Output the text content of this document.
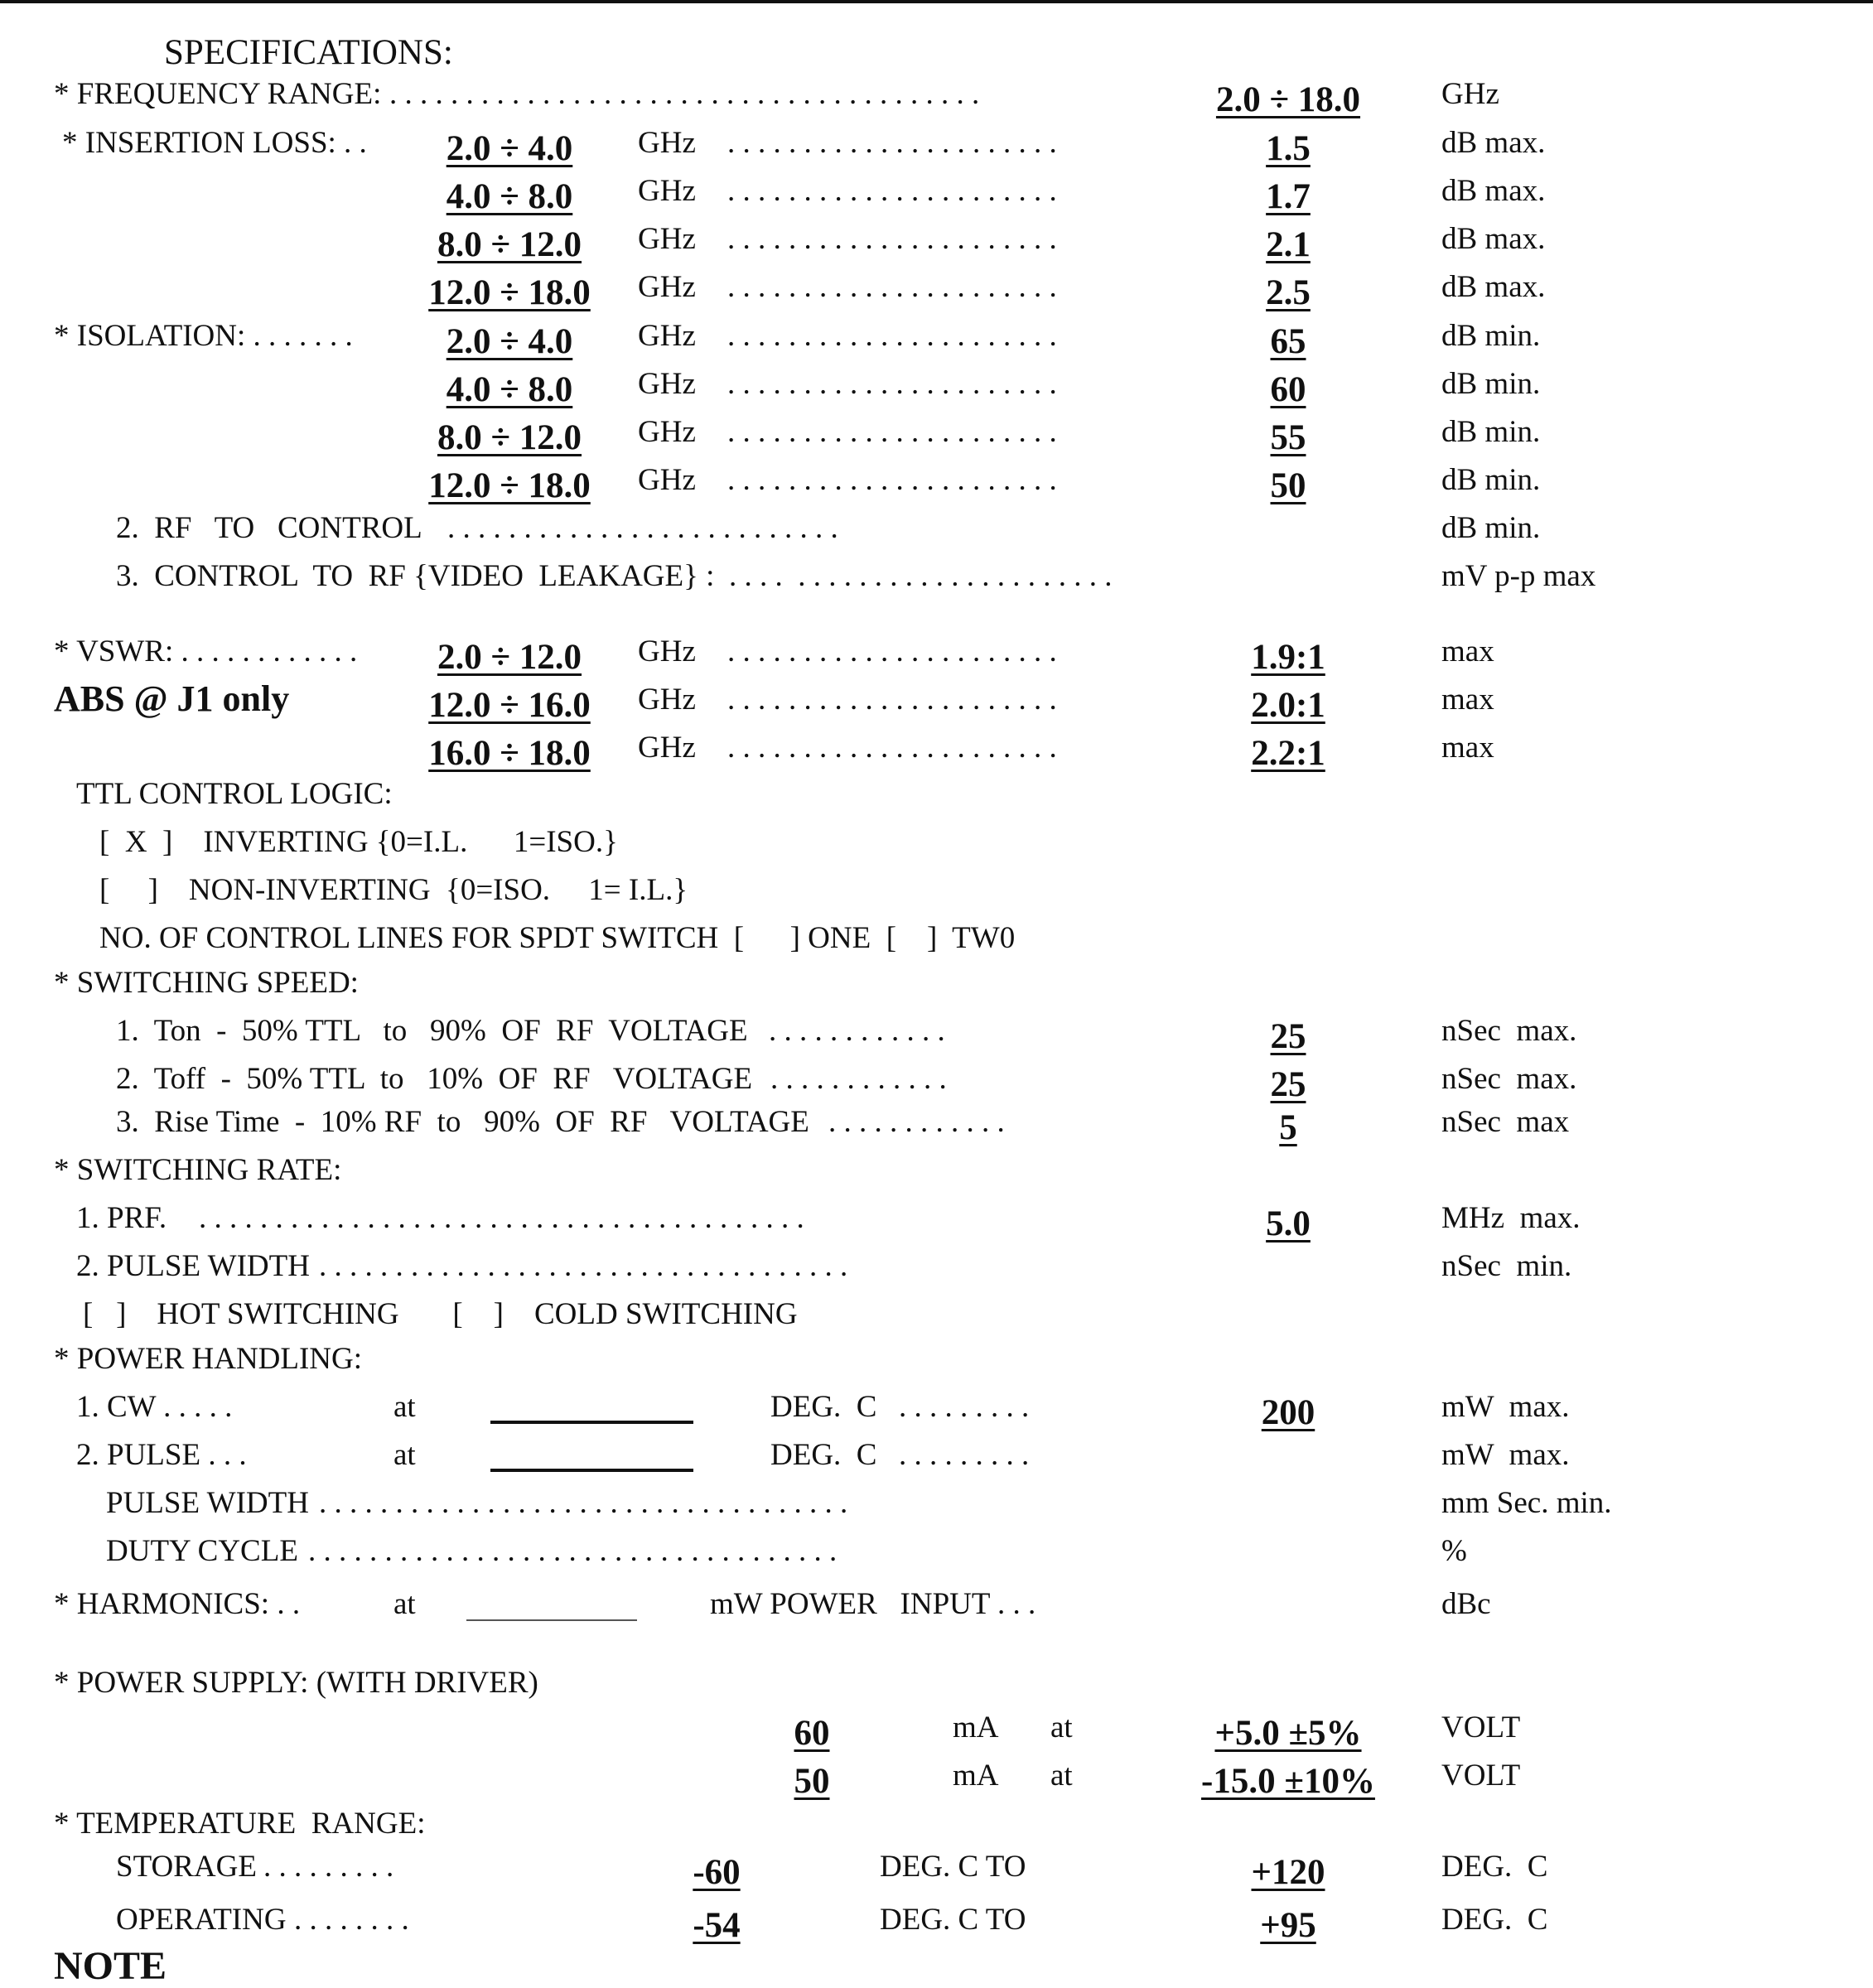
SPECIFICATIONS:
* FREQUENCY RANGE: . . . . . . . . . . . . . . . . . . . . . . . . . . . . . . . . . . . . . . .	2.0 ÷ 18.0	GHz
* INSERTION LOSS: . .	2.0 ÷ 4.0	GHz . . . . . . . . . . . . . . . . . . . . . .	1.5	dB max.
4.0 ÷ 8.0	GHz . . . . . . . . . . . . . . . . . . . . . .	1.7	dB max.
8.0 ÷ 12.0	GHz . . . . . . . . . . . . . . . . . . . . . .	2.1	dB max.
12.0 ÷ 18.0	GHz . . . . . . . . . . . . . . . . . . . . . .	2.5	dB max.
* ISOLATION: . . . . . . .	2.0 ÷ 4.0	GHz . . . . . . . . . . . . . . . . . . . . . .	65	dB min.
4.0 ÷ 8.0	GHz . . . . . . . . . . . . . . . . . . . . . .	60	dB min.
8.0 ÷ 12.0	GHz . . . . . . . . . . . . . . . . . . . . . .	55	dB min.
12.0 ÷ 18.0	GHz . . . . . . . . . . . . . . . . . . . . . .	50	dB min.
2.  RF   TO   CONTROL . . . . . . . . . . . . . . . . . . . . . . . . . .	dB min.
3.  CONTROL  TO  RF {VIDEO  LEAKAGE} : . . . .  . . . . . . . . . . . . . . . . . . . . .	mV p-p max
* VSWR: . . . . . . . . . . . .
ABS @ J1 only
2.0 ÷ 12.0	GHz . . . . . . . . . . . . . . . . . . . . . .	1.9:1	max
12.0 ÷ 16.0	GHz . . . . . . . . . . . . . . . . . . . . . .	2.0:1	max
16.0 ÷ 18.0	GHz . . . . . . . . . . . . . . . . . . . . . .	2.2:1	max
TTL CONTROL LOGIC:
[  X  ]    INVERTING {0=I.L.      1=ISO.}
[     ]    NON-INVERTING  {0=ISO.     1= I.L.}
NO. OF CONTROL LINES FOR SPDT SWITCH  [      ] ONE  [    ]  TW0
* SWITCHING SPEED:
1.  Ton  -  50% TTL   to   90%  OF  RF  VOLTAGE . . . . . . . . . . . .	25	nSec  max.
2.  Toff  -  50% TTL  to   10%  OF  RF   VOLTAGE . . . . . . . . . . . .	25	nSec  max.
3.  Rise Time  -  10% RF  to   90%  OF  RF   VOLTAGE . . . . . . . . . . . .	5	nSec  max
* SWITCHING RATE:
1. PRF. . . . . . . . . . . . . . . . . . . . . . . . . . . . . . . . . . . . . . . . .	5.0	MHz  max.
2. PULSE WIDTH . . . . . . . . . . . . . . . . . . . . . . . . . . . . . . . . . . .	nSec  min.
[   ]    HOT SWITCHING       [    ]    COLD SWITCHING
* POWER HANDLING:
1. CW . . . . .	at	DEG.  C . . . . . . . . .	200	mW  max.
2. PULSE . . .	at	DEG.  C . . . . . . . . .	mW  max.
PULSE WIDTH . . . . . . . . . . . . . . . . . . . . . . . . . . . . . . . . . . .	mm Sec. min.
DUTY CYCLE . . . . . . . . . . . . . . . . . . . . . . . . . . . . . . . . . . .	%
* HARMONICS: . .	at	mW POWER   INPUT . . .	dBc
* POWER SUPPLY: (WITH DRIVER)
60	mA at	+5.0 ±5%	VOLT
50	mA at	-15.0 ±10%	VOLT
* TEMPERATURE  RANGE:
STORAGE . . . . . . . . .	-60	DEG. C TO	+120	DEG.  C
OPERATING . . . . . . . .	-54	DEG. C TO	+95	DEG.  C
NOTE
